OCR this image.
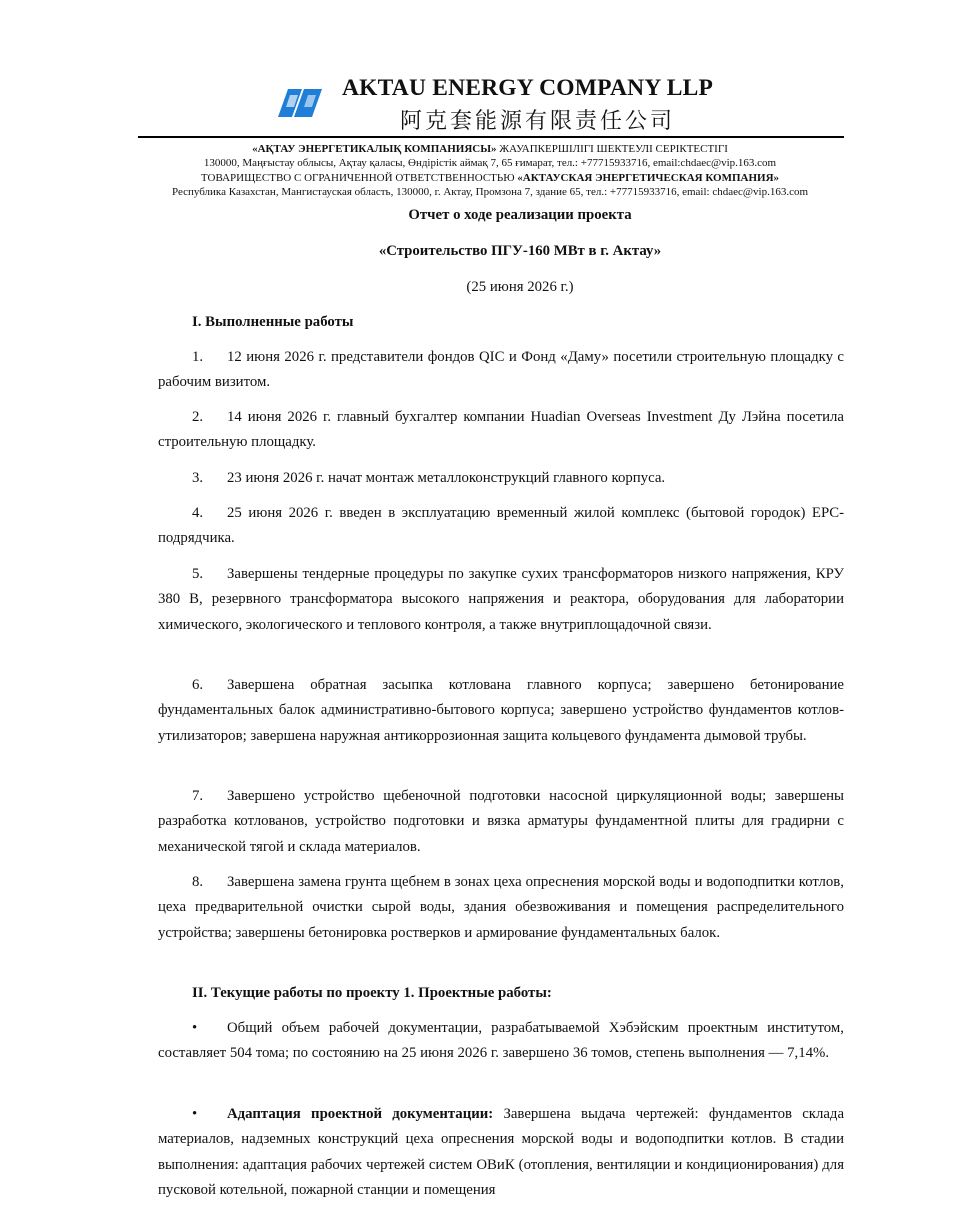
AKTAU ENERGY COMPANY LLP
阿克套能源有限责任公司
«АҚТАУ ЭНЕРГЕТИКАЛЫҚ КОМПАНИЯСЫ» ЖАУАПКЕРШІЛІГІ ШЕКТЕУЛІ СЕРІКТЕСТІГІ
130000, Маңғыстау облысы, Ақтау қаласы, Өндірістік аймақ 7, 65 ғимарат, тел.: +77715933716, email:chdaec@vip.163.com
ТОВАРИЩЕСТВО С ОГРАНИЧЕННОЙ ОТВЕТСТВЕННОСТЬЮ «АКТАУСКАЯ ЭНЕРГЕТИЧЕСКАЯ КОМПАНИЯ»
Республика Казахстан, Мангистауская область, 130000, г. Актау, Промзона 7, здание 65, тел.: +77715933716, email: chdaec@vip.163.com
Отчет о ходе реализации проекта
«Строительство ПГУ-160 МВт в г. Актау»
(25 июня 2026 г.)
I. Выполненные работы
1. 12 июня 2026 г. представители фондов QIC и Фонд «Даму» посетили строительную площадку с рабочим визитом.
2. 14 июня 2026 г. главный бухгалтер компании Huadian Overseas Investment Ду Лэйна посетила строительную площадку.
3. 23 июня 2026 г. начат монтаж металлоконструкций главного корпуса.
4. 25 июня 2026 г. введен в эксплуатацию временный жилой комплекс (бытовой городок) EPC-подрядчика.
5. Завершены тендерные процедуры по закупке сухих трансформаторов низкого напряжения, КРУ 380 В, резервного трансформатора высокого напряжения и реактора, оборудования для лаборатории химического, экологического и теплового контроля, а также внутриплощадочной связи.
6. Завершена обратная засыпка котлована главного корпуса; завершено бетонирование фундаментальных балок административно-бытового корпуса; завершено устройство фундаментов котлов-утилизаторов; завершена наружная антикоррозионная защита кольцевого фундамента дымовой трубы.
7. Завершено устройство щебеночной подготовки насосной циркуляционной воды; завершены разработка котлованов, устройство подготовки и вязка арматуры фундаментной плиты для градирни с механической тягой и склада материалов.
8. Завершена замена грунта щебнем в зонах цеха опреснения морской воды и водоподпитки котлов, цеха предварительной очистки сырой воды, здания обезвоживания и помещения распределительного устройства; завершены бетонировка ростверков и армирование фундаментальных балок.
II. Текущие работы по проекту 1. Проектные работы:
• Общий объем рабочей документации, разрабатываемой Хэбэйским проектным институтом, составляет 504 тома; по состоянию на 25 июня 2026 г. завершено 36 томов, степень выполнения — 7,14%.
• Адаптация проектной документации: Завершена выдача чертежей: фундаментов склада материалов, надземных конструкций цеха опреснения морской воды и водоподпитки котлов. В стадии выполнения: адаптация рабочих чертежей систем ОВиК (отопления, вентиляции и кондиционирования) для пусковой котельной, пожарной станции и помещения
